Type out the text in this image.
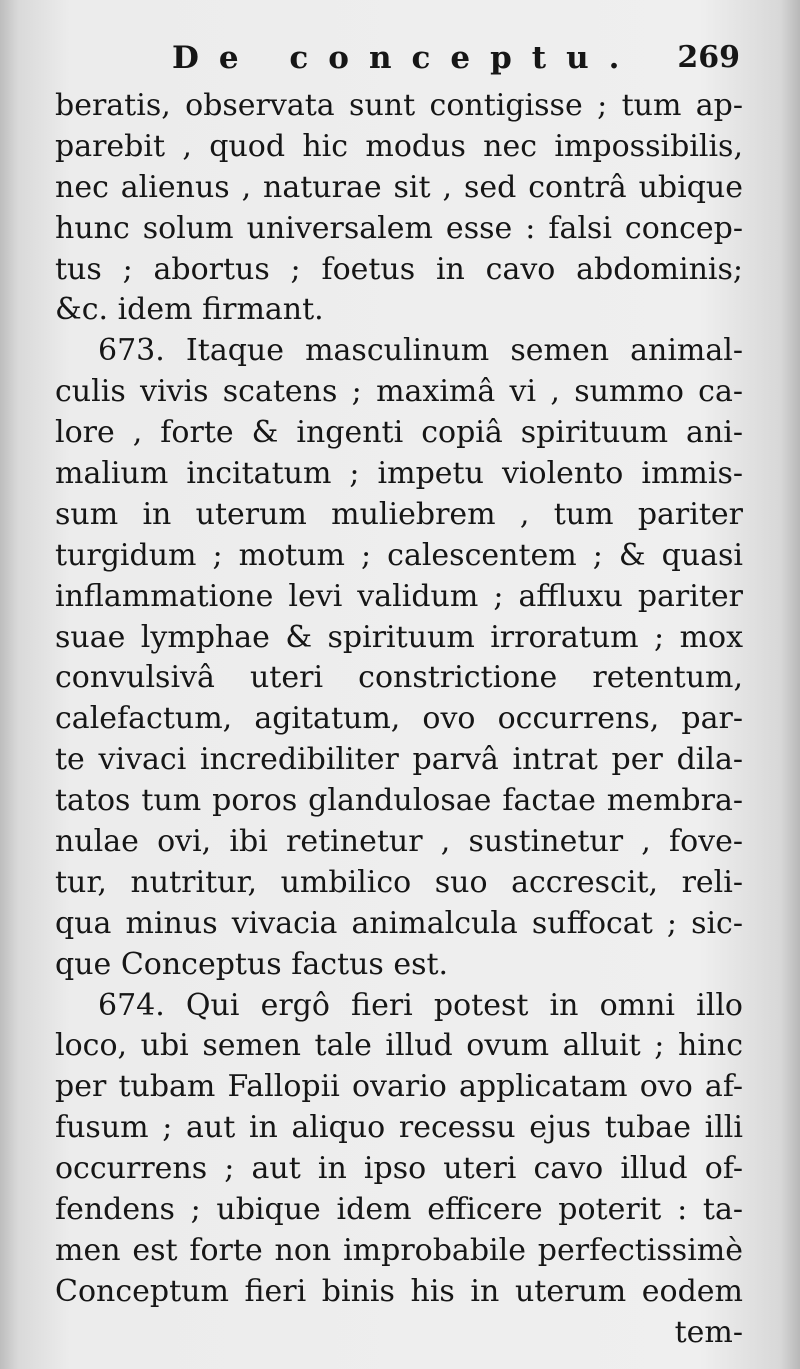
De conceptu. 269
beratis, observata sunt contigisse ; tum ap-
parebit , quod hic modus nec impossibilis,
nec alienus , naturae sit , sed contrâ ubique
hunc solum universalem esse : falsi concep-
tus ; abortus ; foetus in cavo abdominis;
&c. idem firmant.
673. Itaque masculinum semen animal-
culis vivis scatens ; maximâ vi , summo ca-
lore , forte & ingenti copiâ spirituum ani-
malium incitatum ; impetu violento immis-
sum in uterum muliebrem , tum pariter
turgidum ; motum ; calescentem ; & quasi
inflammatione levi validum ; affluxu pariter
suae lymphae & spirituum irroratum ; mox
convulsivâ uteri constrictione retentum,
calefactum, agitatum, ovo occurrens, par-
te vivaci incredibiliter parvâ intrat per dila-
tatos tum poros glandulosae factae membra-
nulae ovi, ibi retinetur , sustinetur , fove-
tur, nutritur, umbilico suo accrescit, reli-
qua minus vivacia animalcula suffocat ; sic-
que Conceptus factus est.
674. Qui ergô fieri potest in omni illo
loco, ubi semen tale illud ovum alluit ; hinc
per tubam Fallopii ovario applicatam ovo af-
fusum ; aut in aliquo recessu ejus tubae illi
occurrens ; aut in ipso uteri cavo illud of-
fendens ; ubique idem efficere poterit : ta-
men est forte non improbabile perfectissimè
Conceptum fieri binis his in uterum eodem
tem-
